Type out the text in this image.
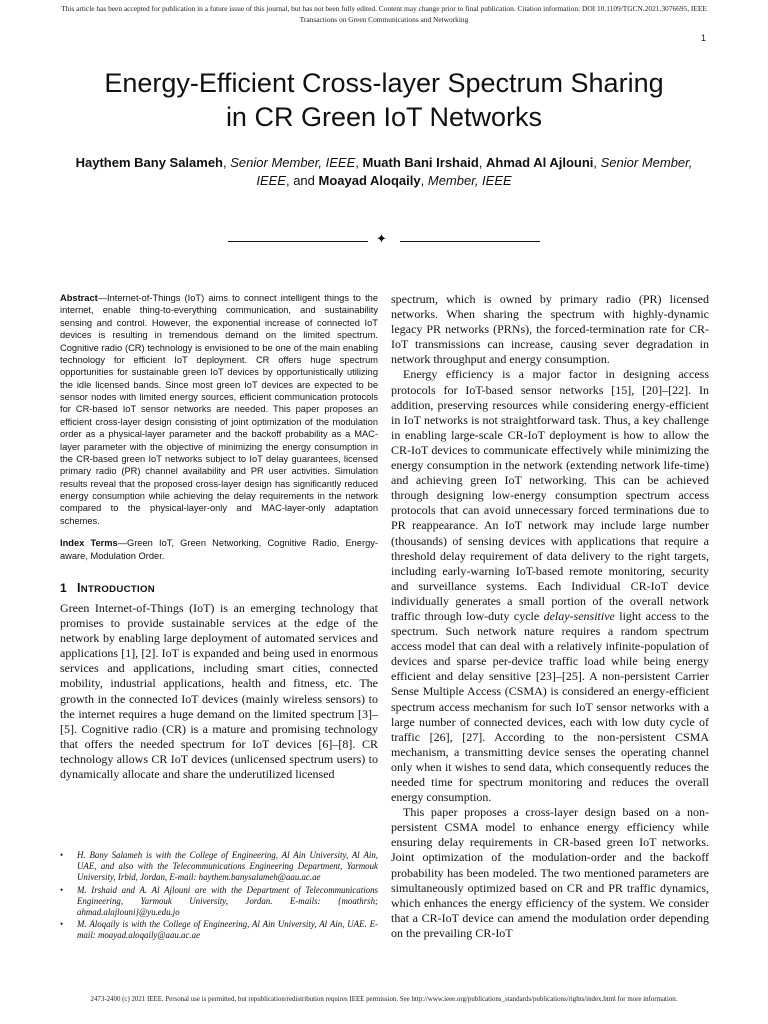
This article has been accepted for publication in a future issue of this journal, but has not been fully edited. Content may change prior to final publication. Citation information: DOI 10.1109/TGCN.2021.3076695, IEEE
Transactions on Green Communications and Networking
1
Energy-Efficient Cross-layer Spectrum Sharing
in CR Green IoT Networks
Haythem Bany Salameh, Senior Member, IEEE, Muath Bani Irshaid, Ahmad Al Ajlouni, Senior Member, IEEE, and Moayad Aloqaily, Member, IEEE
✦

Abstract—Internet-of-Things (IoT) aims to connect intelligent things to the internet, enable thing-to-everything communication, and sustainability sensing and control. However, the exponential increase of connected IoT devices is resulting in tremendous demand on the limited spectrum. Cognitive radio (CR) technology is envisioned to be one of the main enabling technology for efficient IoT deployment. CR offers huge spectrum opportunities for sustainable green IoT devices by opportunistically utilizing the idle licensed bands. Since most green IoT devices are expected to be sensor nodes with limited energy sources, efficient communication protocols for CR-based IoT sensor networks are needed. This paper proposes an efficient cross-layer design consisting of joint optimization of the modulation order as a physical-layer parameter and the backoff probability as a MAC-layer parameter with the objective of minimizing the energy consumption in the CR-based green IoT networks subject to IoT delay guarantees, licensed primary radio (PR) channel availability and PR user activities. Simulation results reveal that the proposed cross-layer design has significantly reduced energy consumption while achieving the delay requirements in the network compared to the physical-layer-only and MAC-layer-only adaptation schemes.

Index Terms—Green IoT, Green Networking, Cognitive Radio, Energy-aware, Modulation Order.

1 INTRODUCTION

Green Internet-of-Things (IoT) is an emerging technology that promises to provide sustainable services at the edge of the network by enabling large deployment of automated services and applications [1], [2]. IoT is expanded and being used in enormous services and applications, including smart cities, connected mobility, industrial applications, health and fitness, etc. The growth in the connected IoT devices (mainly wireless sensors) to the internet requires a huge demand on the limited spectrum [3]–[5]. Cognitive radio (CR) is a mature and promising technology that offers the needed spectrum for IoT devices [6]–[8]. CR technology allows CR IoT devices (unlicensed spectrum users) to dynamically allocate and share the underutilized licensed

• H. Bany Salameh is with the College of Engineering, Al Ain University, Al Ain, UAE, and also with the Telecommunications Engineering Department, Yarmouk University, Irbid, Jordan, E-mail: haythem.banysalameh@aau.ac.ae
• M. Irshaid and A. Al Ajlouni are with the Department of Telecommunications Engineering, Yarmouk University, Jordan. E-mails: {moathrsh; ahmad.alajlouni}@yu.edu.jo
• M. Aloqaily is with the College of Engineering, Al Ain University, Al Ain, UAE. E-mail: moayad.aloqaily@aau.ac.ae

spectrum, which is owned by primary radio (PR) licensed networks. When sharing the spectrum with highly-dynamic legacy PR networks (PRNs), the forced-termination rate for CR-IoT transmissions can increase, causing sever degradation in network throughput and energy consumption.

Energy efficiency is a major factor in designing access protocols for IoT-based sensor networks [15], [20]–[22]. In addition, preserving resources while considering energy-efficient in IoT networks is not straightforward task. Thus, a key challenge in enabling large-scale CR-IoT deployment is how to allow the CR-IoT devices to communicate effectively while minimizing the energy consumption in the network (extending network life-time) and achieving green IoT networking. This can be achieved through designing low-energy consumption spectrum access protocols that can avoid unnecessary forced terminations due to PR reappearance. An IoT network may include large number (thousands) of sensing devices with applications that require a threshold delay requirement of data delivery to the right targets, including early-warning IoT-based remote monitoring, security and surveillance systems. Each Individual CR-IoT device individually generates a small portion of the overall network traffic through low-duty cycle delay-sensitive light access to the spectrum. Such network nature requires a random spectrum access model that can deal with a relatively infinite-population of devices and sparse per-device traffic load while being energy efficient and delay sensitive [23]–[25]. A non-persistent Carrier Sense Multiple Access (CSMA) is considered an energy-efficient spectrum access mechanism for such IoT sensor networks with a large number of connected devices, each with low duty cycle of traffic [26], [27]. According to the non-persistent CSMA mechanism, a transmitting device senses the operating channel only when it wishes to send data, which consequently reduces the needed time for spectrum monitoring and reduces the overall energy consumption.

This paper proposes a cross-layer design based on a non-persistent CSMA model to enhance energy efficiency while ensuring delay requirements in CR-based green IoT networks. Joint optimization of the modulation-order and the backoff probability has been modeled. The two mentioned parameters are simultaneously optimized based on CR and PR traffic dynamics, which enhances the energy efficiency of the system. We consider that a CR-IoT device can amend the modulation order depending on the prevailing CR-IoT

2473-2400 (c) 2021 IEEE. Personal use is permitted, but republication/redistribution requires IEEE permission. See http://www.ieee.org/publications_standards/publications/rights/index.html for more information.
